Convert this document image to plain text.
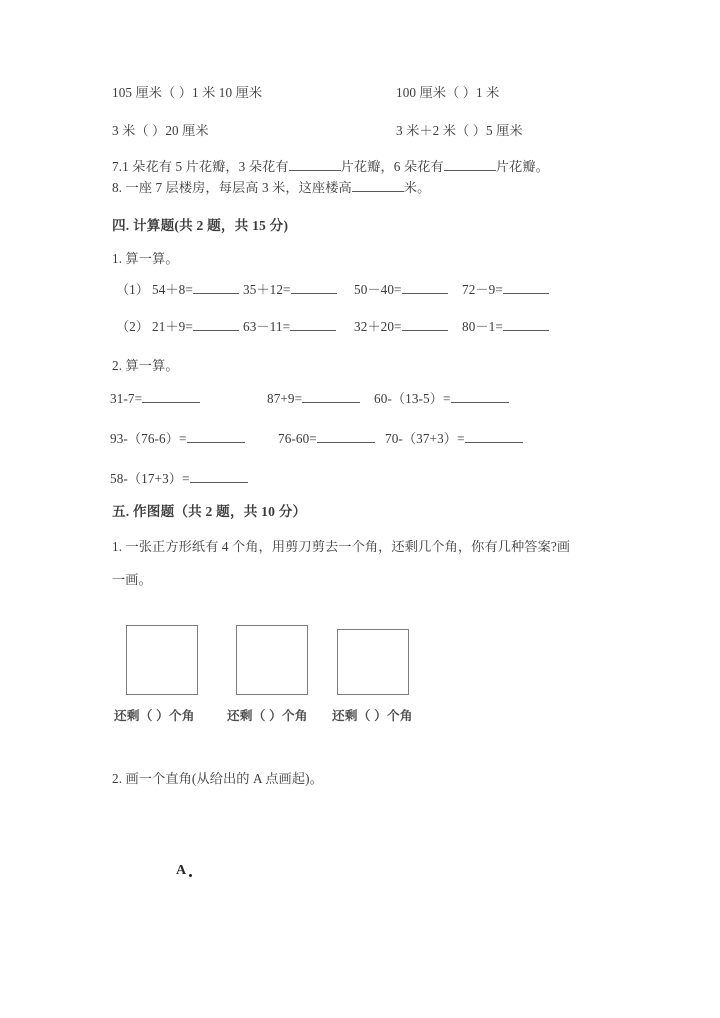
105 厘米（ ）1 米 10 厘米	100 厘米（ ）1 米
3 米（ ）20 厘米	3 米＋2 米（ ）5 厘米
7.1 朵花有 5 片花瓣，3 朵花有	片花瓣，6 朵花有	片花瓣。
8. 一座 7 层楼房，每层高 3 米，这座楼高	米。
四. 计算题(共 2 题，共 15 分)
1. 算一算。
（1） 54＋8=	35＋12=	50－40=	72－9=
（2） 21＋9=	63－11=	32＋20=	80－1=
2. 算一算。
31-7=	87+9=	60-（13-5）=
93-（76-6）=	76-60=	70-（37+3）=
58-（17+3）=
五. 作图题（共 2 题，共 10 分）
1. 一张正方形纸有 4 个角，用剪刀剪去一个角，还剩几个角，你有几种答案?画
一画。
还剩（ ）个角	还剩（ ）个角 还剩（ ）个角
2. 画一个直角(从给出的 A 点画起)。
A
